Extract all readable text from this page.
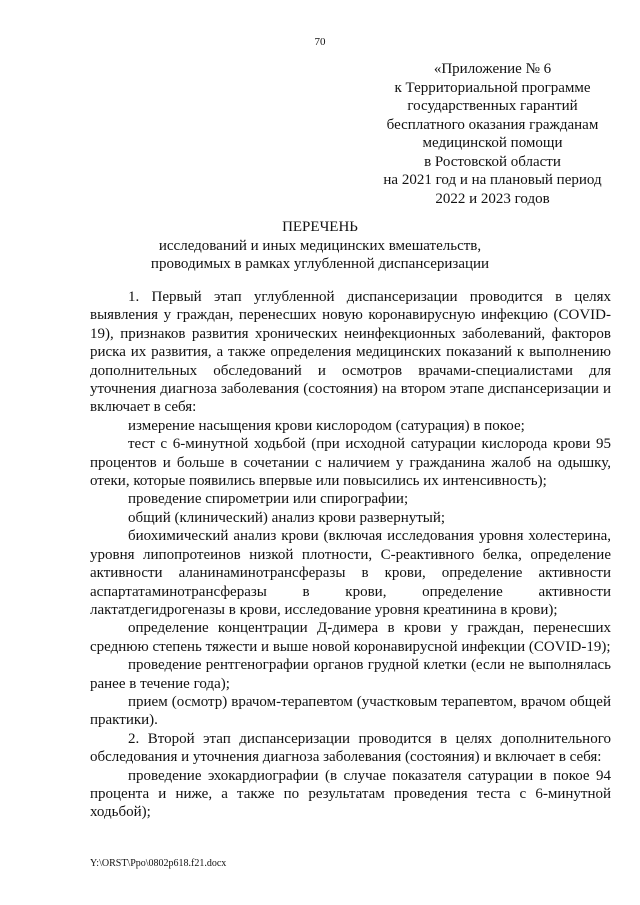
70
«Приложение № 6
к Территориальной программе
государственных гарантий
бесплатного оказания гражданам
медицинской помощи
в Ростовской области
на 2021 год и на плановый период
2022 и 2023 годов
ПЕРЕЧЕНЬ
исследований и иных медицинских вмешательств,
проводимых в рамках углубленной диспансеризации

1. Первый этап углубленной диспансеризации проводится в целях выявления у граждан, перенесших новую коронавирусную инфекцию (COVID-19), признаков развития хронических неинфекционных заболеваний, факторов риска их развития, а также определения медицинских показаний к выполнению дополнительных обследований и осмотров врачами-специалистами для уточнения диагноза заболевания (состояния) на втором этапе диспансеризации и включает в себя:

измерение насыщения крови кислородом (сатурация) в покое;

тест с 6-минутной ходьбой (при исходной сатурации кислорода крови 95 процентов и больше в сочетании с наличием у гражданина жалоб на одышку, отеки, которые появились впервые или повысились их интенсивность);

проведение спирометрии или спирографии;

общий (клинический) анализ крови развернутый;

биохимический анализ крови (включая исследования уровня холестерина, уровня липопротеинов низкой плотности, С-реактивного белка, определение активности аланинаминотрансферазы в крови, определение активности аспартатаминотрансферазы в крови, определение активности лактатдегидрогеназы в крови, исследование уровня креатинина в крови);

определение концентрации Д-димера в крови у граждан, перенесших среднюю степень тяжести и выше новой коронавирусной инфекции (COVID-19);

проведение рентгенографии органов грудной клетки (если не выполнялась ранее в течение года);

прием (осмотр) врачом-терапевтом (участковым терапевтом, врачом общей практики).

2. Второй этап диспансеризации проводится в целях дополнительного обследования и уточнения диагноза заболевания (состояния) и включает в себя:

проведение эхокардиографии (в случае показателя сатурации в покое 94 процента и ниже, а также по результатам проведения теста с 6-минутной ходьбой);

Y:\ORST\Ppo\0802p618.f21.docx
